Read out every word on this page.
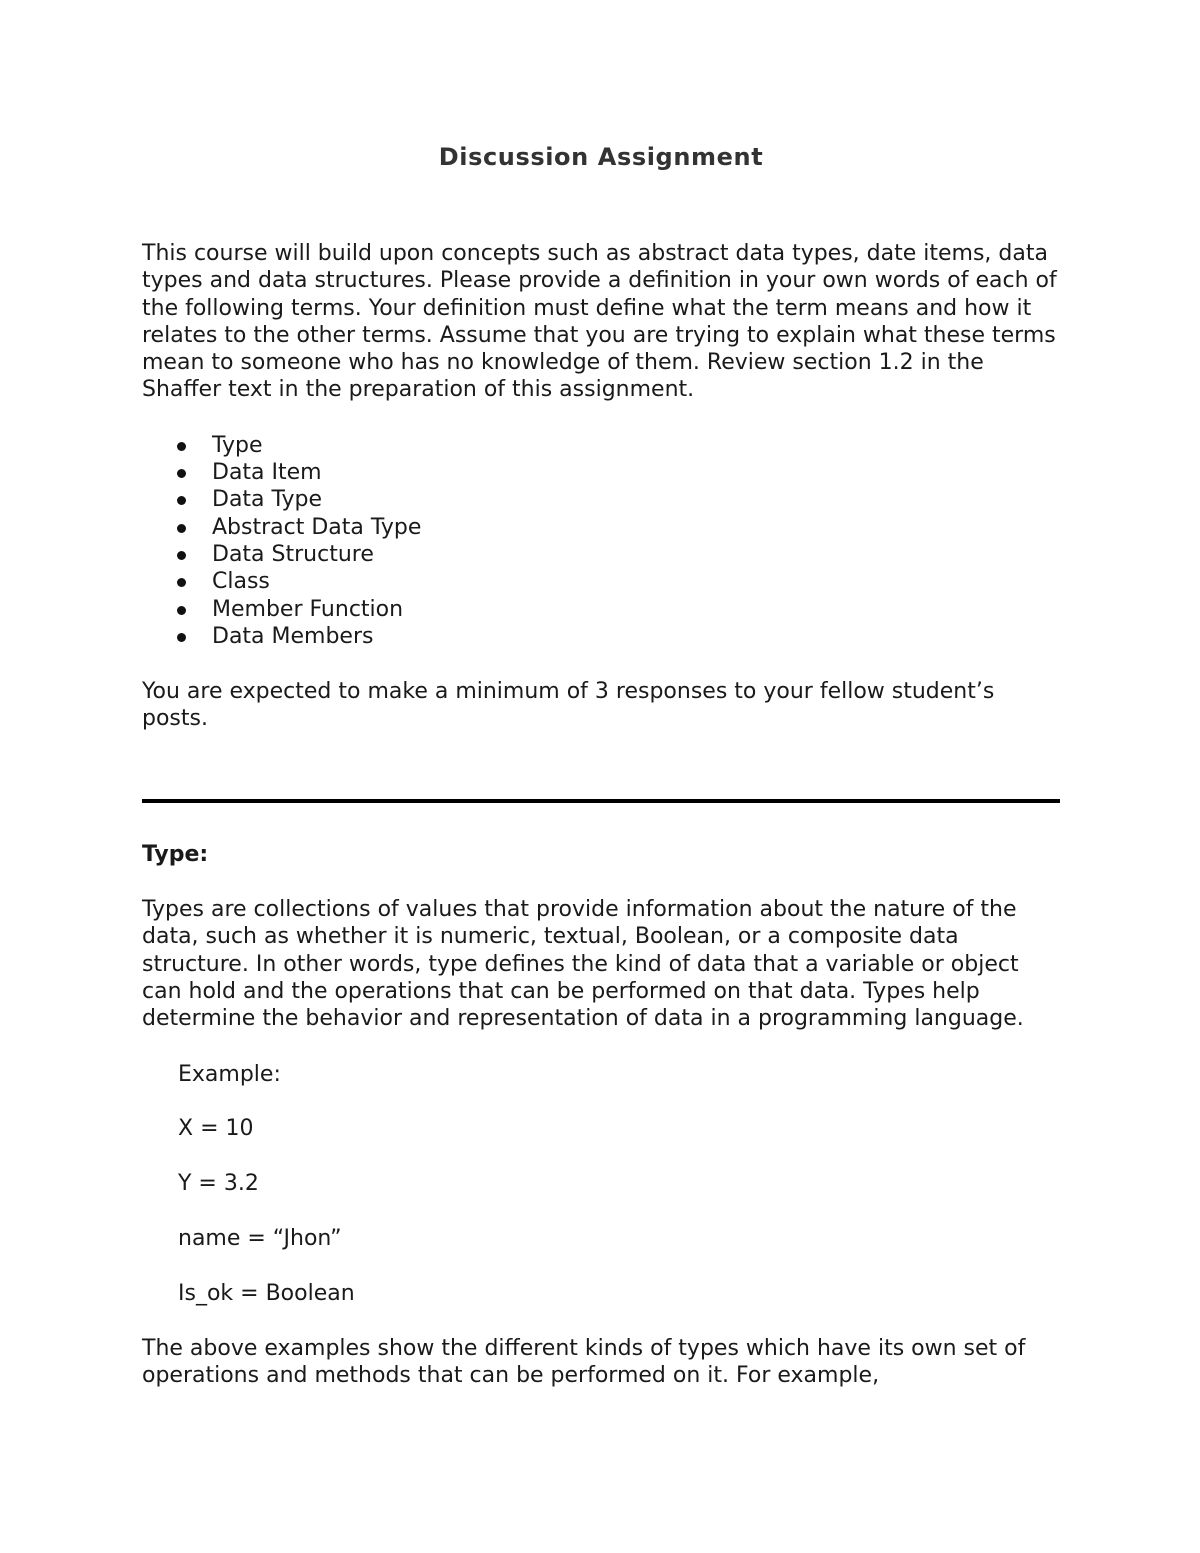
Discussion Assignment

This course will build upon concepts such as abstract data types, date items, data types and data structures. Please provide a definition in your own words of each of the following terms. Your definition must define what the term means and how it relates to the other terms. Assume that you are trying to explain what these terms mean to someone who has no knowledge of them. Review section 1.2 in the Shaffer text in the preparation of this assignment.

Type
Data Item
Data Type
Abstract Data Type
Data Structure
Class
Member Function
Data Members

You are expected to make a minimum of 3 responses to your fellow student’s posts.

Type:

Types are collections of values that provide information about the nature of the data, such as whether it is numeric, textual, Boolean, or a composite data structure. In other words, type defines the kind of data that a variable or object can hold and the operations that can be performed on that data. Types help determine the behavior and representation of data in a programming language.

Example:

X = 10

Y = 3.2

name = “Jhon”

Is_ok = Boolean

The above examples show the different kinds of types which have its own set of operations and methods that can be performed on it. For example,
